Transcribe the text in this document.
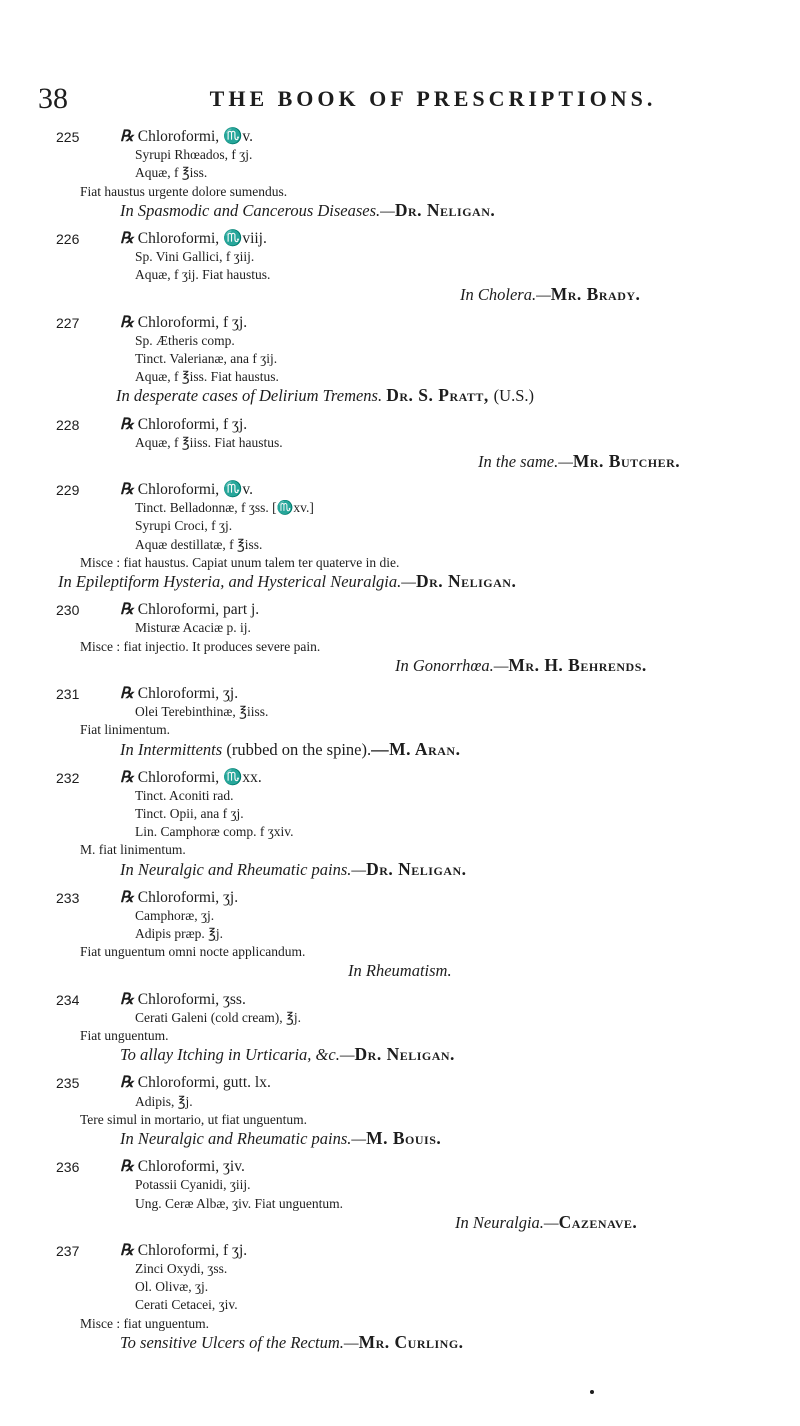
38	THE BOOK OF PRESCRIPTIONS.
225	℞ Chloroformi, ♏v.
Syrupi Rhœados, f ʒj.
Aquæ, f ℥iss.
Fiat haustus urgente dolore sumendus.
In Spasmodic and Cancerous Diseases.—Dr. Neligan.
226	℞ Chloroformi, ♏viij.
Sp. Vini Gallici, f ʒiij.
Aquæ, f ʒij. Fiat haustus.
In Cholera.—Mr. Brady.
227	℞ Chloroformi, f ʒj.
Sp. Ætheris comp.
Tinct. Valerianæ, ana f ʒij.
Aquæ, f ℥iss. Fiat haustus.
In desperate cases of Delirium Tremens. Dr. S. Pratt, (U.S.)
228	℞ Chloroformi, f ʒj.
Aquæ, f ℥iiss. Fiat haustus.
In the same.—Mr. Butcher.
229	℞ Chloroformi, ♏v.
Tinct. Belladonnæ, f ʒss. [♏xv.]
Syrupi Croci, f ʒj.
Aquæ destillatæ, f ℥iss.
Misce : fiat haustus. Capiat unum talem ter quaterve in die.
In Epileptiform Hysteria, and Hysterical Neuralgia.—Dr. Neligan.
230	℞ Chloroformi, part j.
Misturæ Acaciæ p. ij.
Misce : fiat injectio. It produces severe pain.
In Gonorrhœa.—Mr. H. Behrends.
231	℞ Chloroformi, ʒj.
Olei Terebinthinæ, ℥iiss.
Fiat linimentum.
In Intermittents (rubbed on the spine).—M. Aran.
232	℞ Chloroformi, ♏xx.
Tinct. Aconiti rad.
Tinct. Opii, ana f ʒj.
Lin. Camphoræ comp. f ʒxiv.
M. fiat linimentum.
In Neuralgic and Rheumatic pains.—Dr. Neligan.
233	℞ Chloroformi, ʒj.
Camphoræ, ʒj.
Adipis præp. ℥j.
Fiat unguentum omni nocte applicandum.
In Rheumatism.
234	℞ Chloroformi, ʒss.
Cerati Galeni (cold cream), ℥j.
Fiat unguentum.
To allay Itching in Urticaria, &c.—Dr. Neligan.
235	℞ Chloroformi, gutt. lx.
Adipis, ℥j.
Tere simul in mortario, ut fiat unguentum.
In Neuralgic and Rheumatic pains.—M. Bouis.
236	℞ Chloroformi, ʒiv.
Potassii Cyanidi, ʒiij.
Ung. Ceræ Albæ, ʒiv. Fiat unguentum.
In Neuralgia.—Cazenave.
237	℞ Chloroformi, f ʒj.
Zinci Oxydi, ʒss.
Ol. Olivæ, ʒj.
Cerati Cetacei, ʒiv.
Misce : fiat unguentum.
To sensitive Ulcers of the Rectum.—Mr. Curling.
